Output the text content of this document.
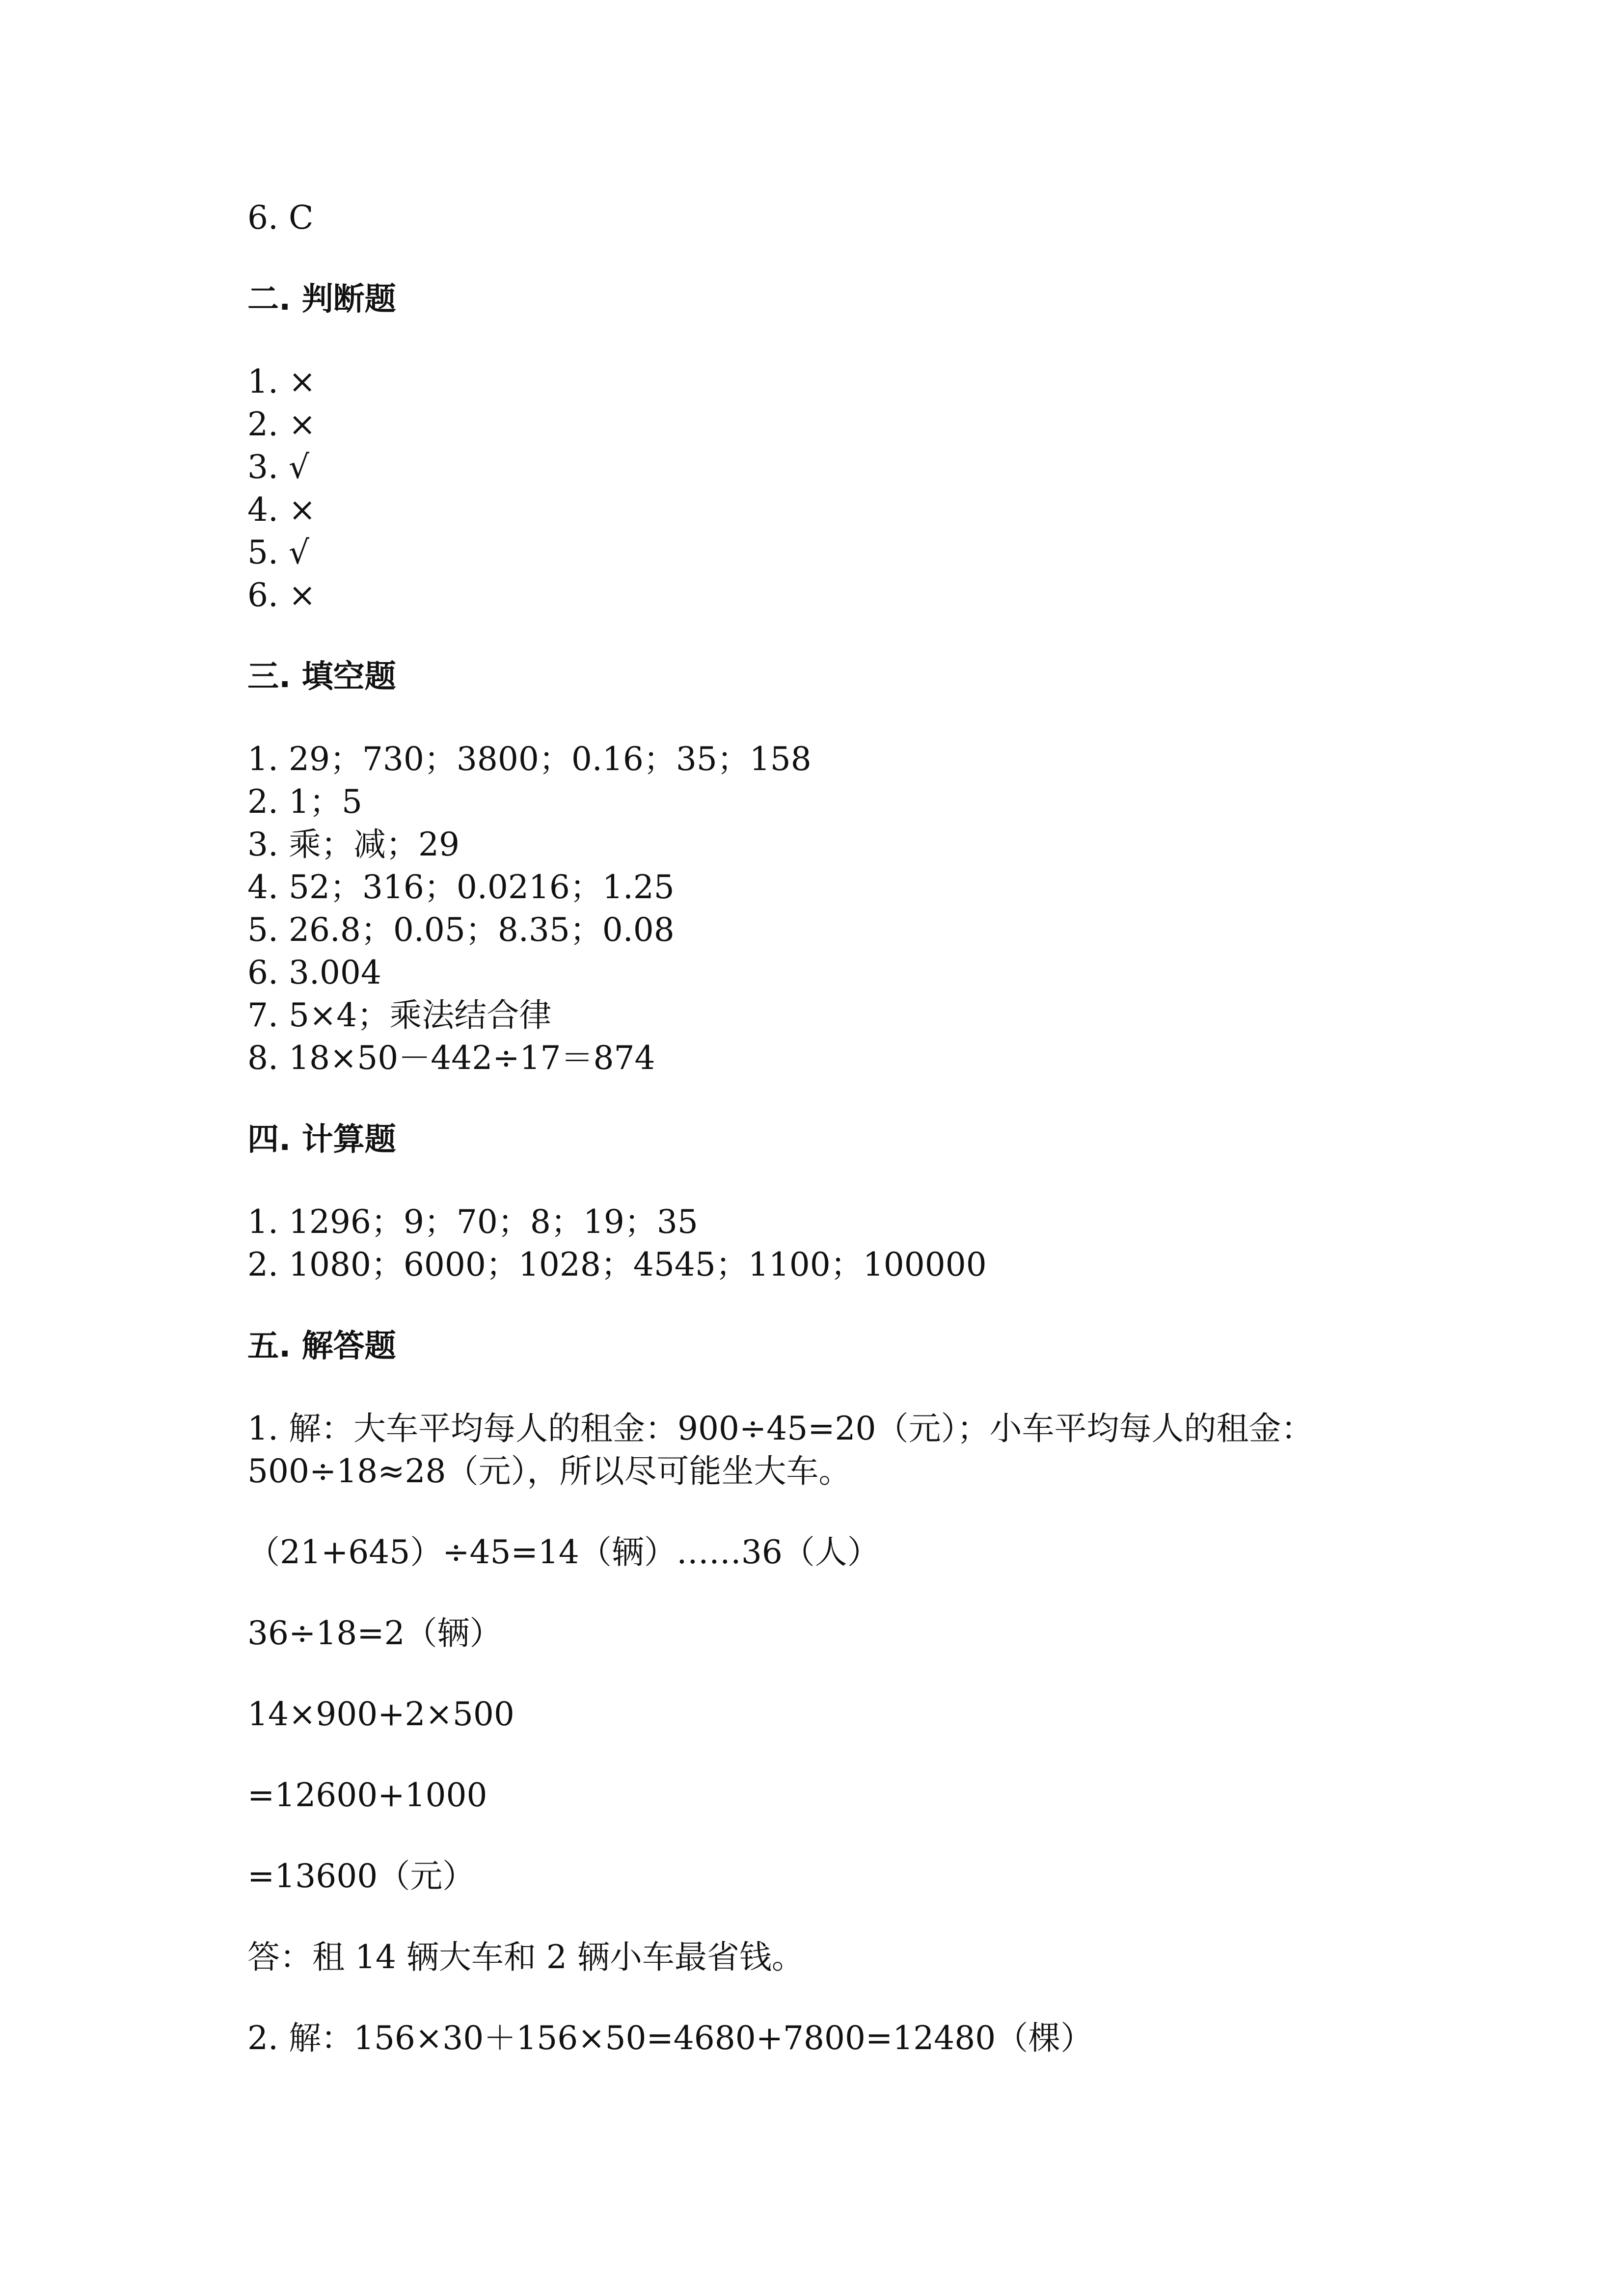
6. C
二. 判断题
1. ×
2. ×
3. √
4. ×
5. √
6. ×
三. 填空题
1. 29；730；3800；0.16；35；158
2. 1；5
3. 乘；减；29
4. 52；316；0.0216；1.25
5. 26.8；0.05；8.35；0.08
6. 3.004
7. 5×4；乘法结合律
8. 18×50－442÷17＝874
四. 计算题
1. 1296；9；70；8；19；35
2. 1080；6000；1028；4545；1100；100000
五. 解答题
1. 解：大车平均每人的租金：900÷45=20（元）；小车平均每人的租金：
500÷18≈28（元），所以尽可能坐大车。
（21+645）÷45=14（辆）……36（人）
36÷18=2（辆）
14×900+2×500
=12600+1000
=13600（元）
答：租 14 辆大车和 2 辆小车最省钱。
2. 解：156×30＋156×50=4680+7800=12480（棵）
